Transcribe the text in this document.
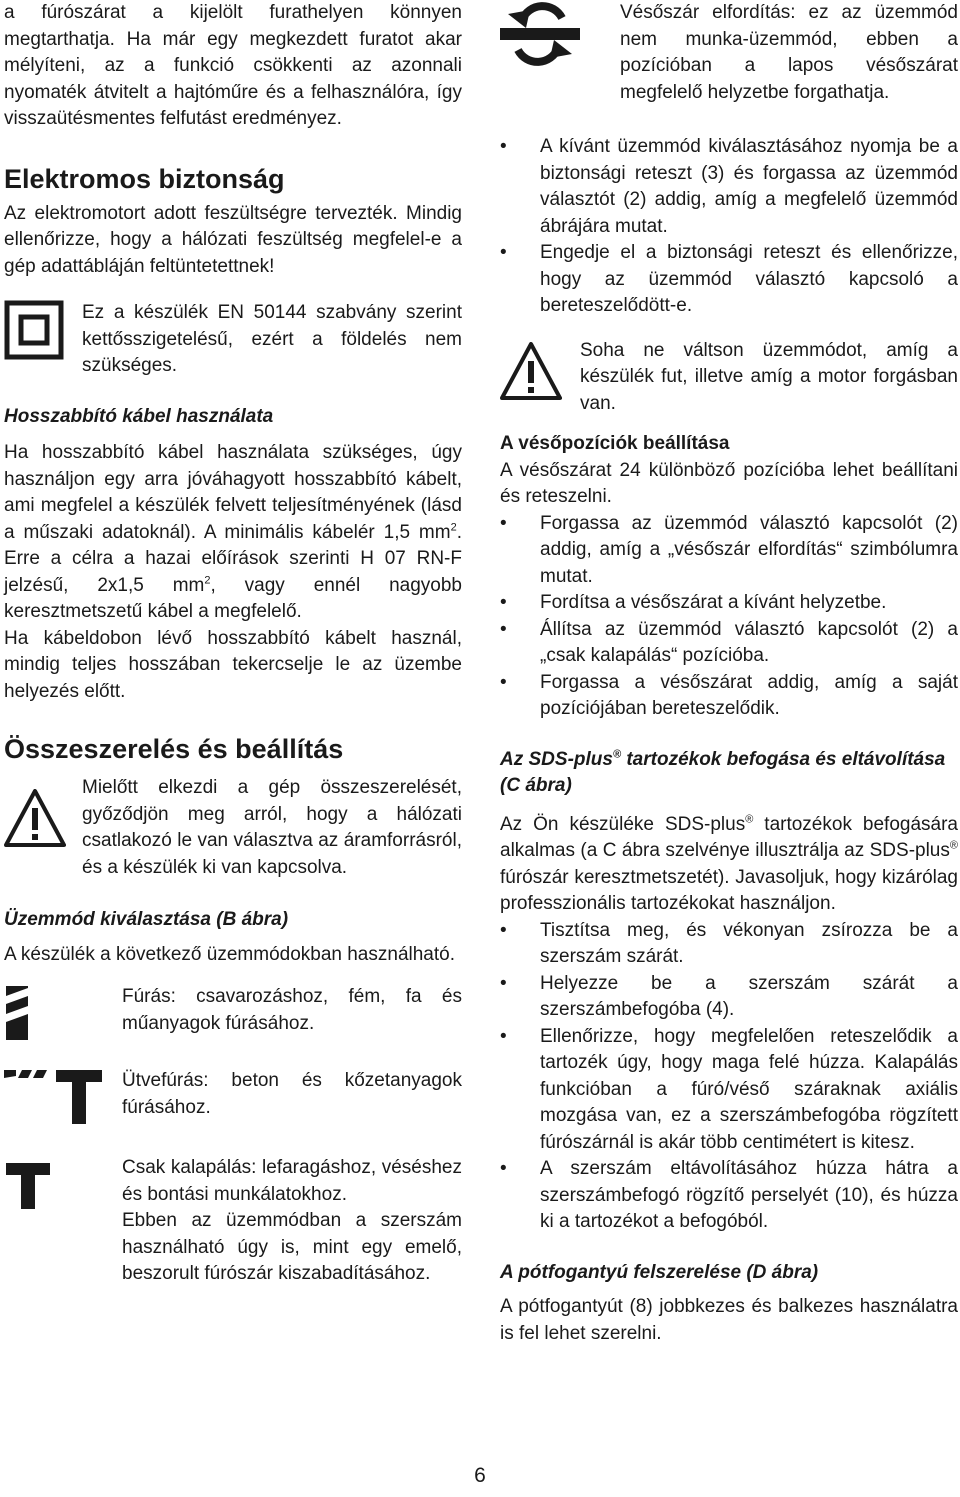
a fúrószárat a kijelölt furathelyen könnyen megtarthatja. Ha már egy megkezdett furatot akar mélyíteni, az a funkció csökkenti az azonnali nyomaték átvitelt a hajtóműre és a felhasználóra, így visszaütésmentes felfutást eredményez.

Elektromos biztonság

Az elektromotort adott feszültségre tervezték. Mindig ellenőrizze, hogy a hálózati feszültség megfelel-e a gép adattábláján feltüntetettnek!

Ez a készülék EN 50144 szabvány szerint kettősszigetelésű, ezért a földelés nem szükséges.

Hosszabbító kábel használata

Ha hosszabbító kábel használata szükséges, úgy használjon egy arra jóváhagyott hosszabbító kábelt, ami megfelel a készülék felvett teljesítményének (lásd a műszaki adatoknál). A minimális kábelér 1,5 $mm^2$. Erre a célra a hazai előírások szerinti H 07 RN-F jelzésű, 2x1,5 $mm^2$, vagy ennél nagyobb keresztmetszetű kábel a megfelelő.

Ha kábeldobon lévő hosszabbító kábelt használ, mindig teljes hosszában tekercselje le az üzembe helyezés előtt.

Összeszerelés és beállítás

Mielőtt elkezdi a gép összeszerelését, győződjön meg arról, hogy a hálózati csatlakozó le van választva az áramforrásról, és a készülék ki van kapcsolva.

Üzemmód kiválasztása (B ábra)

A készülék a következő üzemmódokban használható.

Fúrás: csavarozáshoz, fém, fa és műanyagok fúrásához.

Ütvefúrás: beton és kőzetanyagok fúrásához.

Csak kalapálás: lefaragáshoz, véséshez és bontási munkálatokhoz.

Ebben az üzemmódban a szerszám használható úgy is, mint egy emelő, beszorult fúrószár kiszabadításához.

Vésőszár elfordítás: ez az üzemmód nem munka-üzemmód, ebben a pozícióban a lapos vésőszárat megfelelő helyzetbe forgathatja.

• A kívánt üzemmód kiválasztásához nyomja be a biztonsági reteszt (3) és forgassa az üzemmód választót (2) addig, amíg a megfelelő üzemmód ábrájára mutat.
• Engedje el a biztonsági reteszt és ellenőrizze, hogy az üzemmód választó kapcsoló a bereteszelődött-e.

Soha ne váltson üzemmódot, amíg a készülék fut, illetve amíg a motor forgásban van.

A vésőpozíciók beállítása

A vésőszárat 24 különböző pozícióba lehet beállítani és reteszelni.

• Forgassa az üzemmód választó kapcsolót (2) addig, amíg a „vésőszár elfordítás“ szimbólumra mutat.
• Fordítsa a vésőszárat a kívánt helyzetbe.
• Állítsa az üzemmód választó kapcsolót (2) a „csak kalapálás“ pozícióba.
• Forgassa a vésőszárat addig, amíg a saját pozíciójában bereteszelődik.
Az SDS-plus® tartozékok befogása és eltávolítása (C ábra)

Az Ön készüléke SDS-plus® tartozékok befogására alkalmas (a C ábra szelvénye illusztrálja az SDS-plus® fúrószár keresztmetszetét). Javasoljuk, hogy kizárólag professzionális tartozékokat használjon.

• Tisztítsa meg, és vékonyan zsírozza be a szerszám szárát.
• Helyezze be a szerszám szárát a szerszámbefogóba (4).
• Ellenőrizze, hogy megfelelően reteszelődik a tartozék úgy, hogy maga felé húzza. Kalapálás funkcióban a fúró/véső száraknak axiális mozgása van, ez a szerszámbefogóba rögzített fúrószárnál is akár több centimétert is kitesz.
• A szerszám eltávolításához húzza hátra a szerszámbefogó rögzítő perselyét (10), és húzza ki a tartozékot a befogóból.
A pótfogantyú felszerelése (D ábra)

A pótfogantyút (8) jobbkezes és balkezes használatra is fel lehet szerelni.

6
